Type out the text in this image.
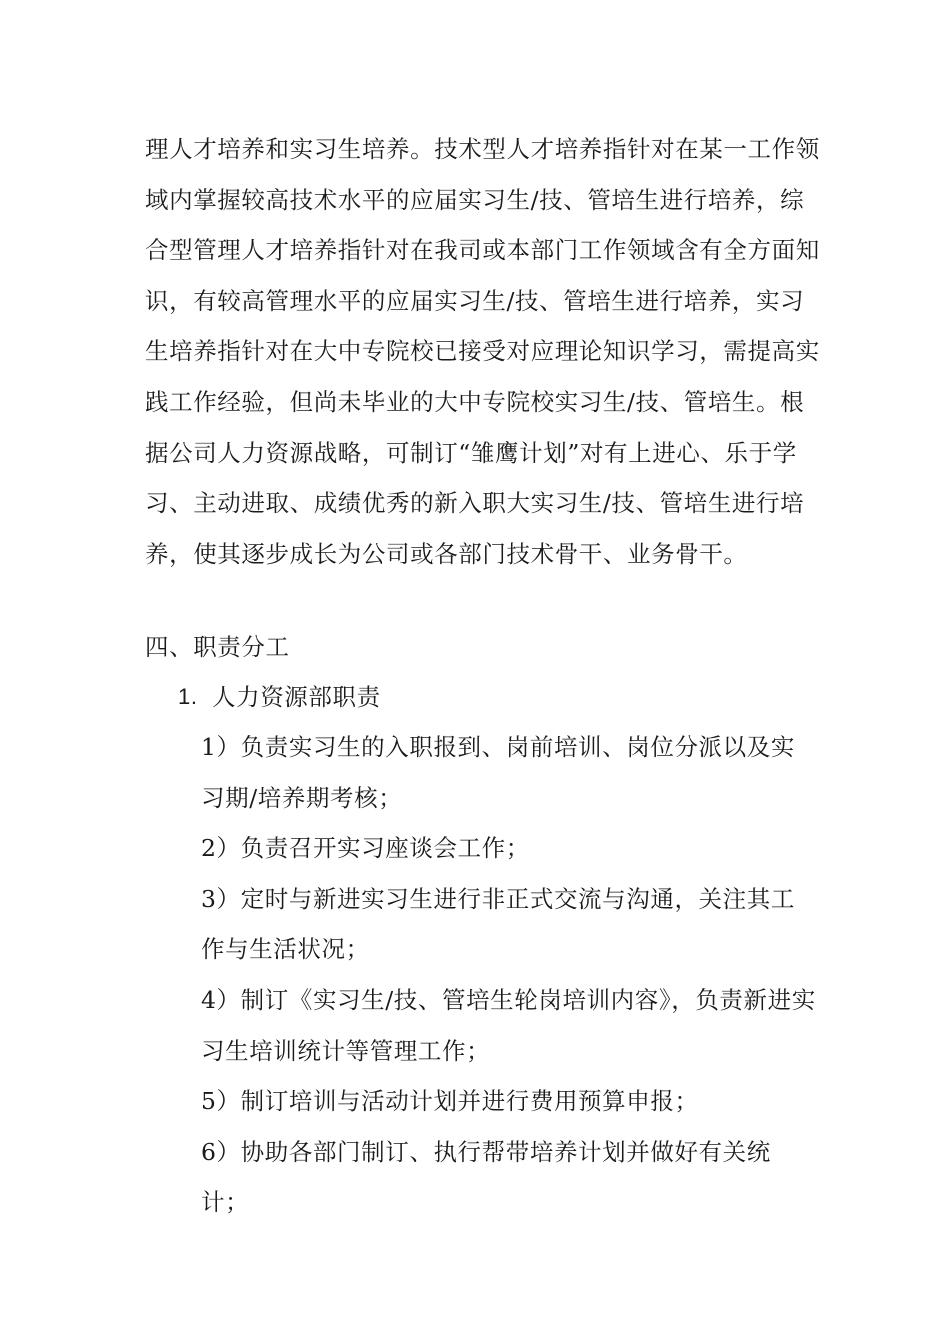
理人才培养和实习生培养。技术型人才培养指针对在某一工作领域内掌握较高技术水平的应届实习生/技、管培生进行培养，综合型管理人才培养指针对在我司或本部门工作领域含有全方面知识，有较高管理水平的应届实习生/技、管培生进行培养，实习生培养指针对在大中专院校已接受对应理论知识学习，需提高实践工作经验，但尚未毕业的大中专院校实习生/技、管培生。根据公司人力资源战略，可制订“雏鹰计划”对有上进心、乐于学习、主动进取、成绩优秀的新入职大实习生/技、管培生进行培养，使其逐步成长为公司或各部门技术骨干、业务骨干。

四、职责分工

1. 人力资源部职责

1）负责实习生的入职报到、岗前培训、岗位分派以及实习期/培养期考核；
2）负责召开实习座谈会工作；
3）定时与新进实习生进行非正式交流与沟通，关注其工作与生活状况；
4）制订《实习生/技、管培生轮岗培训内容》，负责新进实习生培训统计等管理工作；
5）制订培训与活动计划并进行费用预算申报；
6）协助各部门制订、执行帮带培养计划并做好有关统计；
